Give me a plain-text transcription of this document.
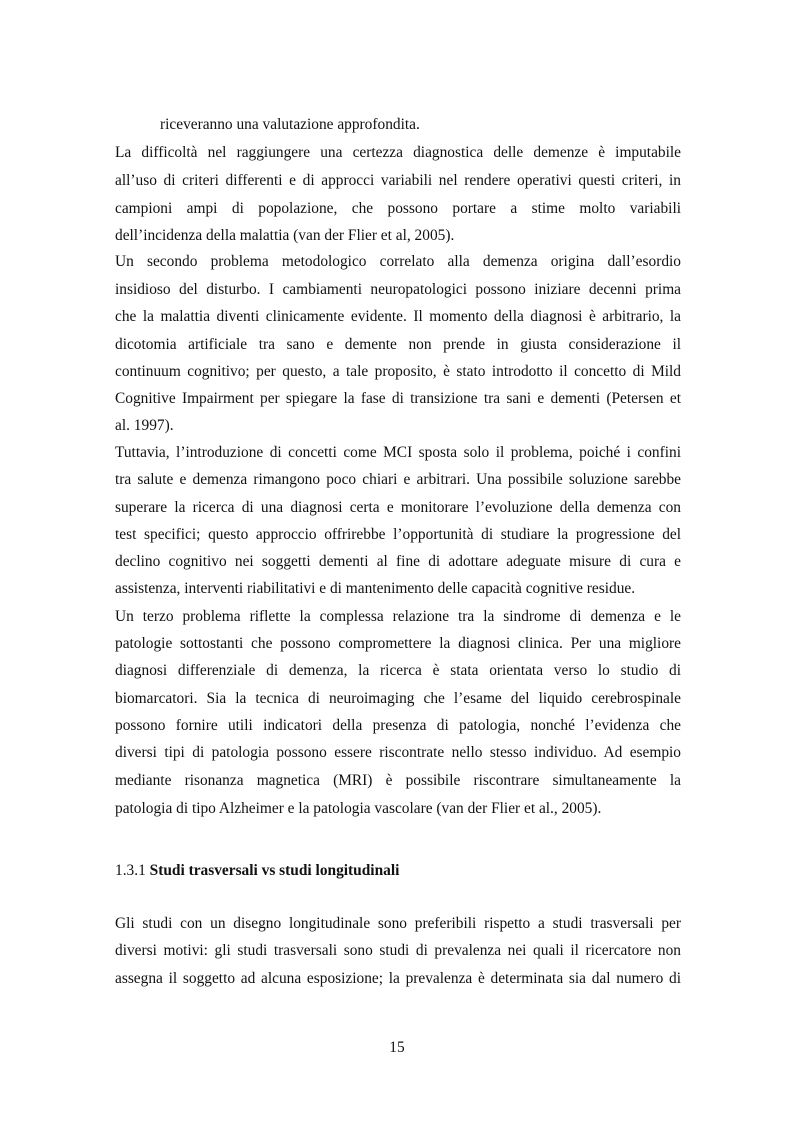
riceveranno una valutazione approfondita.
La difficoltà nel raggiungere una certezza diagnostica delle demenze è imputabile
all’uso di criteri differenti e di approcci variabili nel rendere operativi questi criteri, in
campioni ampi di popolazione, che possono portare a stime molto variabili
dell’incidenza della malattia (van der Flier et al, 2005).
Un secondo problema metodologico correlato alla demenza origina dall’esordio
insidioso del disturbo. I cambiamenti neuropatologici possono iniziare decenni prima
che la malattia diventi clinicamente evidente. Il momento della diagnosi è arbitrario, la
dicotomia artificiale tra sano e demente non prende in giusta considerazione il
continuum cognitivo; per questo, a tale proposito, è stato introdotto il concetto di Mild
Cognitive Impairment per spiegare la fase di transizione tra sani e dementi (Petersen et
al. 1997).
Tuttavia, l’introduzione di concetti come MCI sposta solo il problema, poiché i confini
tra salute e demenza rimangono poco chiari e arbitrari. Una possibile soluzione sarebbe
superare la ricerca di una diagnosi certa e monitorare l’evoluzione della demenza con
test specifici; questo approccio offrirebbe l’opportunità di studiare la progressione del
declino cognitivo nei soggetti dementi al fine di adottare adeguate misure di cura e
assistenza, interventi riabilitativi e di mantenimento delle capacità cognitive residue.
Un terzo problema riflette la complessa relazione tra la sindrome di demenza e le
patologie sottostanti che possono compromettere la diagnosi clinica. Per una migliore
diagnosi differenziale di demenza, la ricerca è stata orientata verso lo studio di
biomarcatori. Sia la tecnica di neuroimaging che l’esame del liquido cerebrospinale
possono fornire utili indicatori della presenza di patologia, nonché l’evidenza che
diversi tipi di patologia possono essere riscontrate nello stesso individuo. Ad esempio
mediante risonanza magnetica (MRI) è possibile riscontrare simultaneamente la
patologia di tipo Alzheimer e la patologia vascolare (van der Flier et al., 2005).
1.3.1 Studi trasversali vs studi longitudinali
Gli studi con un disegno longitudinale sono preferibili rispetto a studi trasversali per
diversi motivi: gli studi trasversali sono studi di prevalenza nei quali il ricercatore non
assegna il soggetto ad alcuna esposizione; la prevalenza è determinata sia dal numero di
15
